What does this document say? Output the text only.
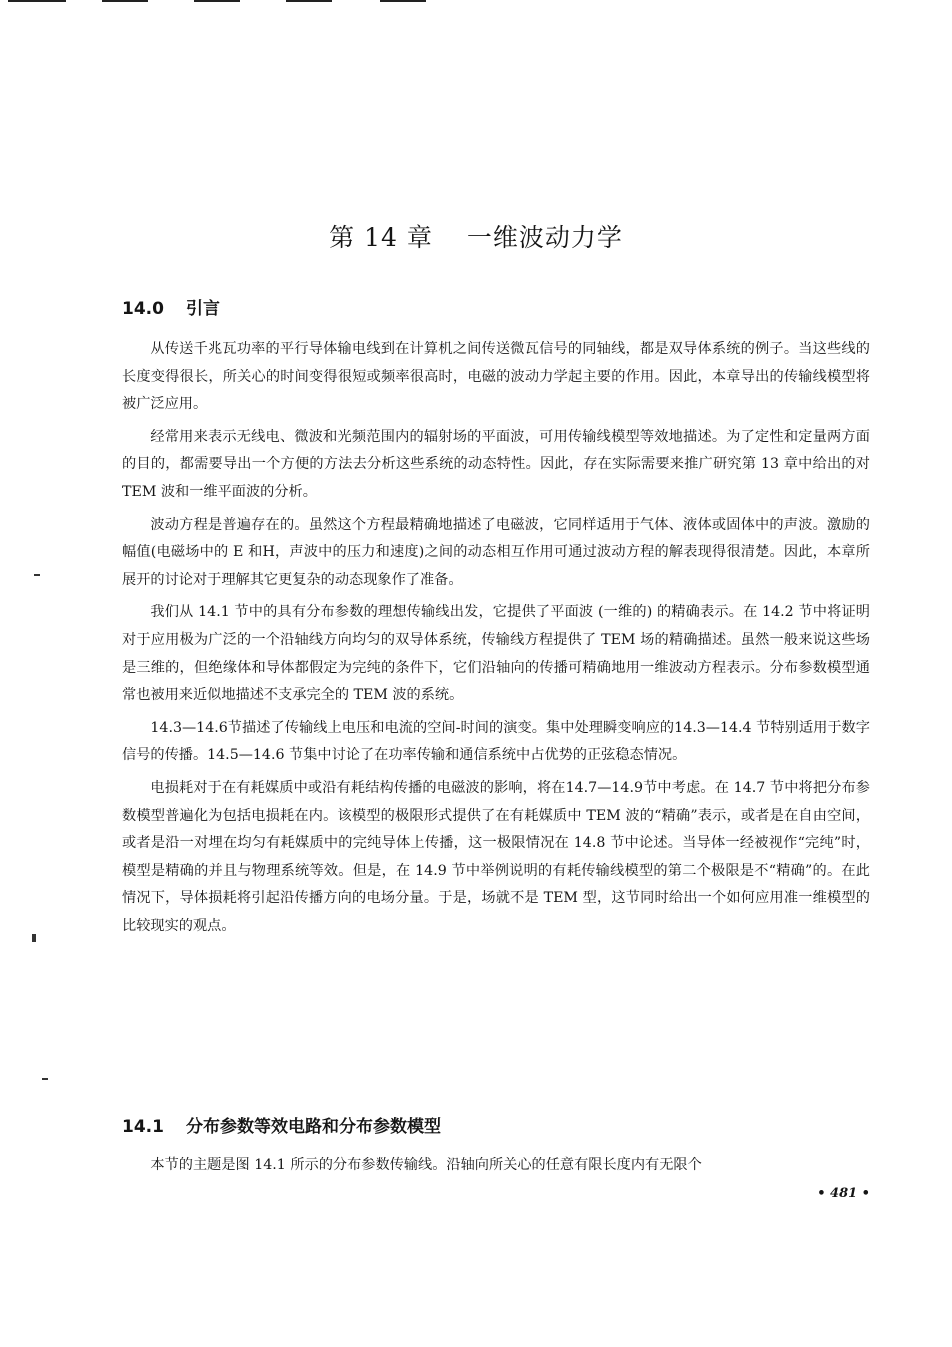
第 14 章 一维波动力学
14.0 引言

从传送千兆瓦功率的平行导体输电线到在计算机之间传送微瓦信号的同轴线，都是双导体系统的例子。当这些线的长度变得很长，所关心的时间变得很短或频率很高时，电磁的波动力学起主要的作用。因此，本章导出的传输线模型将被广泛应用。

经常用来表示无线电、微波和光频范围内的辐射场的平面波，可用传输线模型等效地描述。为了定性和定量两方面的目的，都需要导出一个方便的方法去分析这些系统的动态特性。因此，存在实际需要来推广研究第 13 章中给出的对 TEM 波和一维平面波的分析。

波动方程是普遍存在的。虽然这个方程最精确地描述了电磁波，它同样适用于气体、液体或固体中的声波。激励的幅值(电磁场中的 E 和H，声波中的压力和速度)之间的动态相互作用可通过波动方程的解表现得很清楚。因此，本章所展开的讨论对于理解其它更复杂的动态现象作了准备。

我们从 14.1 节中的具有分布参数的理想传输线出发，它提供了平面波 (一维的) 的精确表示。在 14.2 节中将证明对于应用极为广泛的一个沿轴线方向均匀的双导体系统，传输线方程提供了 TEM 场的精确描述。虽然一般来说这些场是三维的，但绝缘体和导体都假定为完纯的条件下，它们沿轴向的传播可精确地用一维波动方程表示。分布参数模型通常也被用来近似地描述不支承完全的 TEM 波的系统。

14.3—14.6节描述了传输线上电压和电流的空间-时间的演变。集中处理瞬变响应的14.3—14.4 节特别适用于数字信号的传播。14.5—14.6 节集中讨论了在功率传输和通信系统中占优势的正弦稳态情况。

电损耗对于在有耗媒质中或沿有耗结构传播的电磁波的影响，将在14.7—14.9节中考虑。在 14.7 节中将把分布参数模型普遍化为包括电损耗在内。该模型的极限形式提供了在有耗媒质中 TEM 波的“精确”表示，或者是在自由空间，或者是沿一对埋在均匀有耗媒质中的完纯导体上传播，这一极限情况在 14.8 节中论述。当导体一经被视作“完纯”时，模型是精确的并且与物理系统等效。但是，在 14.9 节中举例说明的有耗传输线模型的第二个极限是不“精确”的。在此情况下，导体损耗将引起沿传播方向的电场分量。于是，场就不是 TEM 型，这节同时给出一个如何应用准一维模型的比较现实的观点。

14.1 分布参数等效电路和分布参数模型

本节的主题是图 14.1 所示的分布参数传输线。沿轴向所关心的任意有限长度内有无限个

• 481 •
